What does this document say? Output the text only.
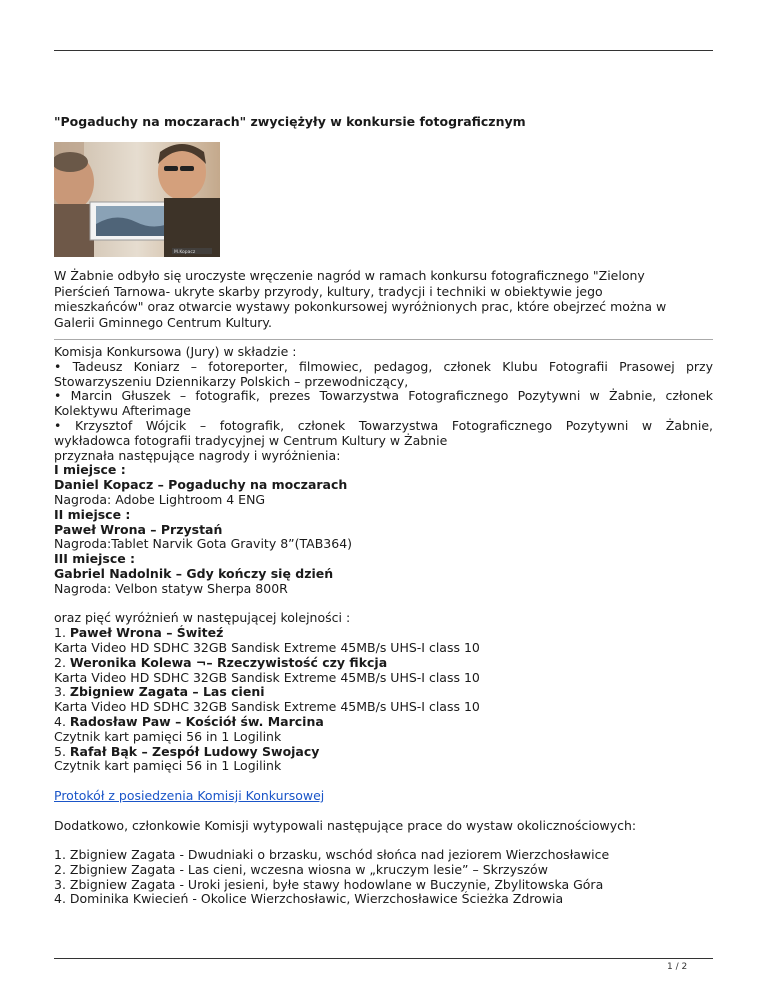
"Pogaduchy na moczarach" zwyciężyły w konkursie fotograficznym
M.Kopacz

W Żabnie odbyło się uroczyste wręczenie nagród w ramach konkursu fotograficznego "Zielony

Pierścień Tarnowa- ukryte skarby przyrody, kultury, tradycji i techniki w obiektywie jego

mieszkańców" oraz otwarcie wystawy pokonkursowej wyróżnionych prac, które obejrzeć można w

Galerii Gminnego Centrum Kultury.

Komisja Konkursowa (Jury) w składzie :
• Tadeusz Koniarz – fotoreporter, filmowiec, pedagog, członek Klubu Fotografii Prasowej przy
Stowarzyszeniu Dziennikarzy Polskich – przewodniczący,
• Marcin Głuszek – fotografik, prezes Towarzystwa Fotograficznego Pozytywni w Żabnie, członek
Kolektywu Afterimage
• Krzysztof Wójcik – fotografik, członek Towarzystwa Fotograficznego Pozytywni w Żabnie,
wykładowca fotografii tradycyjnej w Centrum Kultury w Żabnie
przyznała następujące nagrody i wyróżnienia:
I miejsce :
Daniel Kopacz – Pogaduchy na moczarach
Nagroda: Adobe Lightroom 4 ENG
II miejsce :
Paweł Wrona – Przystań
Nagroda:Tablet Narvik Gota Gravity 8”(TAB364)
III miejsce :
Gabriel Nadolnik – Gdy kończy się dzień
Nagroda: Velbon statyw Sherpa 800R
oraz pięć wyróżnień w następującej kolejności :
1. Paweł Wrona – Świteź
Karta Video HD SDHC 32GB Sandisk Extreme 45MB/s UHS-I class 10
2. Weronika Kolewa ¬– Rzeczywistość czy fikcja
Karta Video HD SDHC 32GB Sandisk Extreme 45MB/s UHS-I class 10
3. Zbigniew Zagata – Las cieni
Karta Video HD SDHC 32GB Sandisk Extreme 45MB/s UHS-I class 10
4. Radosław Paw – Kościół św. Marcina
Czytnik kart pamięci 56 in 1 Logilink
5. Rafał Bąk – Zespół Ludowy Swojacy
Czytnik kart pamięci 56 in 1 Logilink
Protokół z posiedzenia Komisji Konkursowej
Dodatkowo, członkowie Komisji wytypowali następujące prace do wystaw okolicznościowych:
1. Zbigniew Zagata - Dwudniaki o brzasku, wschód słońca nad jeziorem Wierzchosławice
2. Zbigniew Zagata - Las cieni, wczesna wiosna w „kruczym lesie” – Skrzyszów
3. Zbigniew Zagata - Uroki jesieni, byłe stawy hodowlane w Buczynie, Zbylitowska Góra
4. Dominika Kwiecień - Okolice Wierzchosławic, Wierzchosławice Ścieżka Zdrowia
1 / 2
